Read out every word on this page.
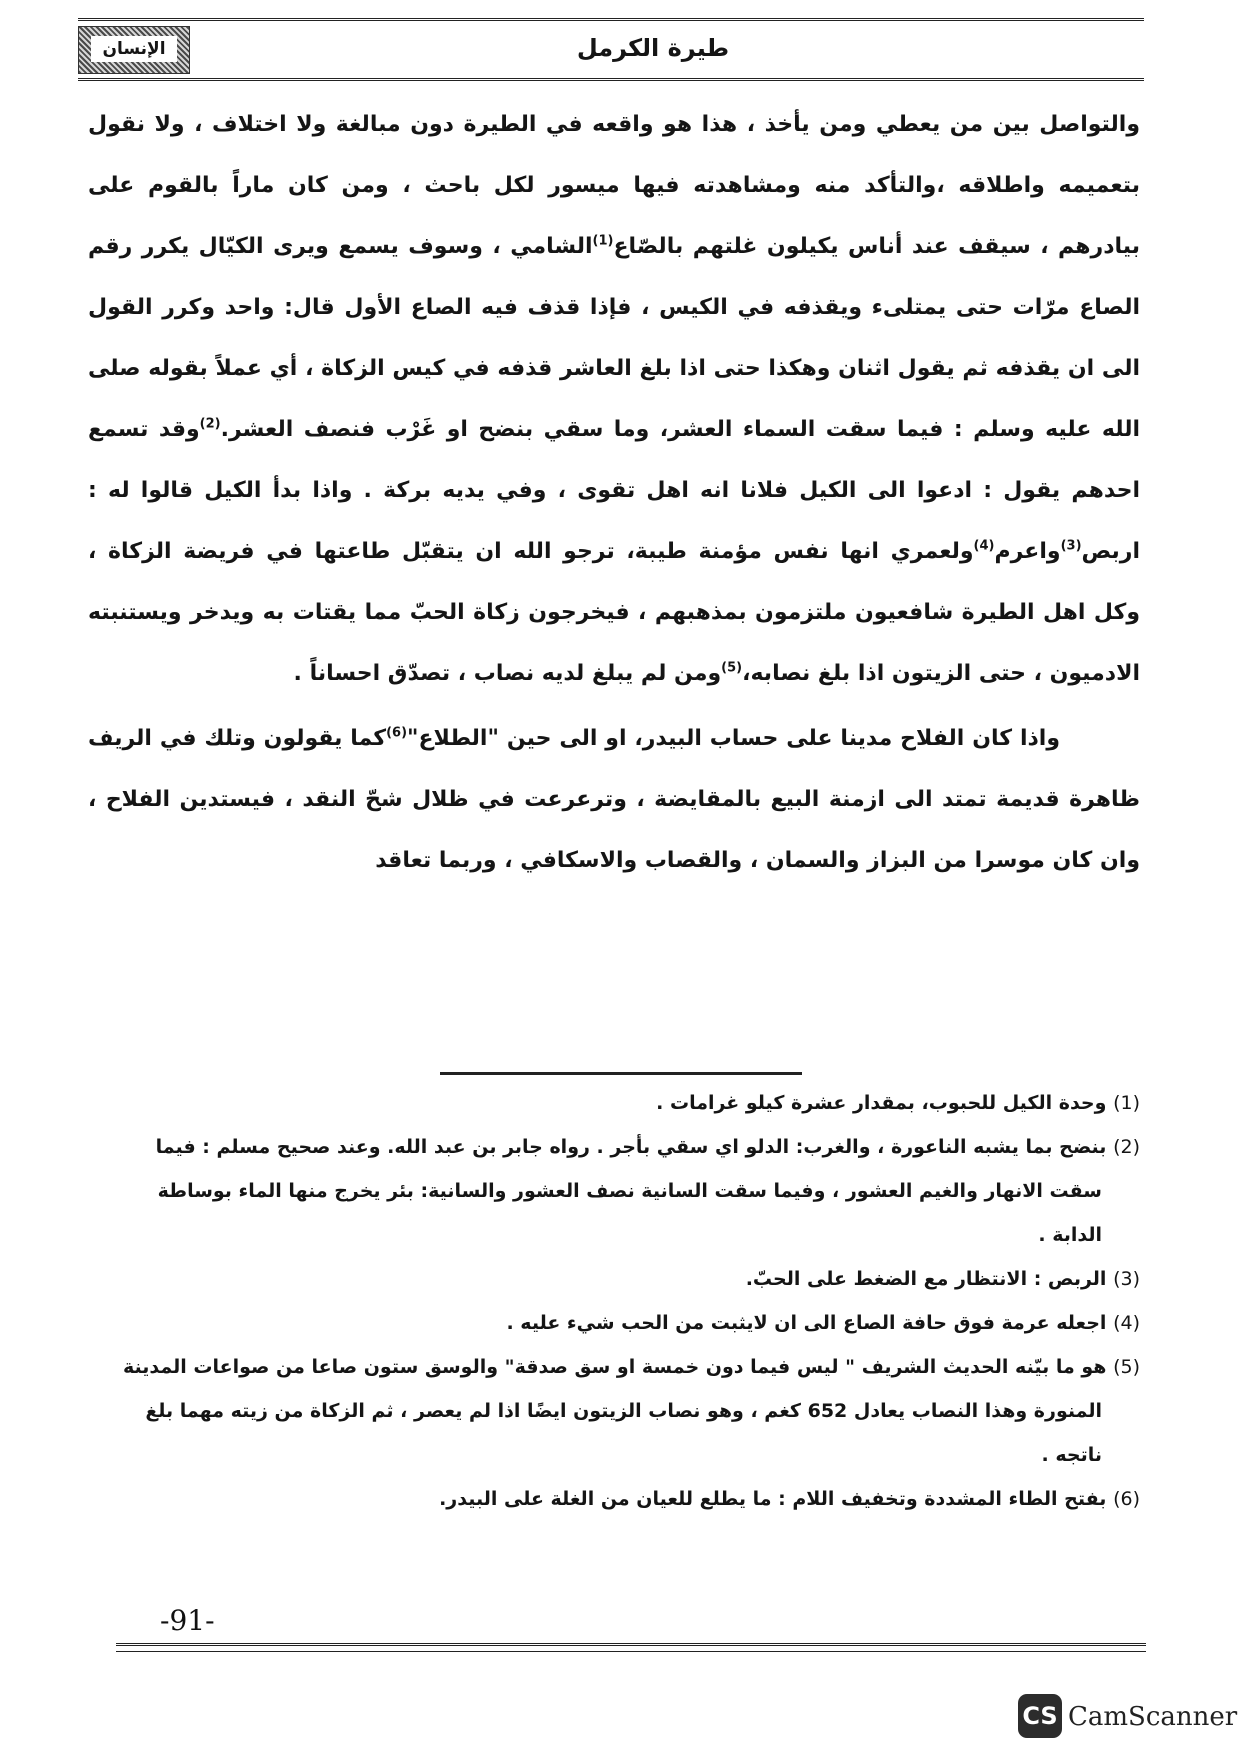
الإنسان	طيرة الكرمل

والتواصل بين من يعطي ومن يأخذ ، هذا هو واقعه في الطيرة دون مبالغة ولا اختلاف ، ولا نقول بتعميمه واطلاقه ،والتأكد منه ومشاهدته فيها ميسور لكل باحث ، ومن كان ماراً بالقوم على بيادرهم ، سيقف عند أناس يكيلون غلتهم بالصّاع$^{(1)}$الشامي ، وسوف يسمع ويرى الكيّال يكرر رقم الصاع مرّات حتى يمتلىء ويقذفه في الكيس ، فإذا قذف فيه الصاع الأول قال: واحد وكرر القول الى ان يقذفه ثم يقول اثنان وهكذا حتى اذا بلغ العاشر قذفه في كيس الزكاة ، أي عملاً بقوله صلى الله عليه وسلم : فيما سقت السماء العشر، وما سقي بنضح او غَرْب فنصف العشر.$^{(2)}$وقد تسمع احدهم يقول : ادعوا الى الكيل فلانا انه اهل تقوى ، وفي يديه بركة . واذا بدأ الكيل قالوا له : اربص$^{(3)}$واعرم$^{(4)}$ولعمري انها نفس مؤمنة طيبة، ترجو الله ان يتقبّل طاعتها في فريضة الزكاة ، وكل اهل الطيرة شافعيون ملتزمون بمذهبهم ، فيخرجون زكاة الحبّ مما يقتات به ويدخر ويستنبته الادميون ، حتى الزيتون اذا بلغ نصابه،$^{(5)}$ومن لم يبلغ لديه نصاب ، تصدّق احساناً .

واذا كان الفلاح مدينا على حساب البيدر، او الى حين "الطلاع"$^{(6)}$كما يقولون وتلك في الريف ظاهرة قديمة تمتد الى ازمنة البيع بالمقايضة ، وترعرعت في ظلال شحّ النقد ، فيستدين الفلاح ، وان كان موسرا من البزاز والسمان ، والقصاب والاسكافي ، وربما تعاقد

(1) وحدة الكيل للحبوب، بمقدار عشرة كيلو غرامات .

(2) بنضح بما يشبه الناعورة ، والغرب: الدلو اي سقي بأجر . رواه جابر بن عبد الله. وعند صحيح مسلم : فيما سقت الانهار والغيم العشور ، وفيما سقت السانية نصف العشور والسانية: بئر يخرج منها الماء بوساطة الدابة .

(3) الربص : الانتظار مع الضغط على الحبّ.

(4) اجعله عرمة فوق حافة الصاع الى ان لايثبت من الحب شيء عليه .

(5) هو ما بيّنه الحديث الشريف " ليس فيما دون خمسة او سق صدقة" والوسق ستون صاعا من صواعات المدينة المنورة وهذا النصاب يعادل 652 كغم ، وهو نصاب الزيتون ايضًا اذا لم يعصر ، ثم الزكاة من زيته مهما بلغ ناتجه .

(6) بفتح الطاء المشددة وتخفيف اللام : ما يطلع للعيان من الغلة على البيدر.

-91-
CS CamScanner
